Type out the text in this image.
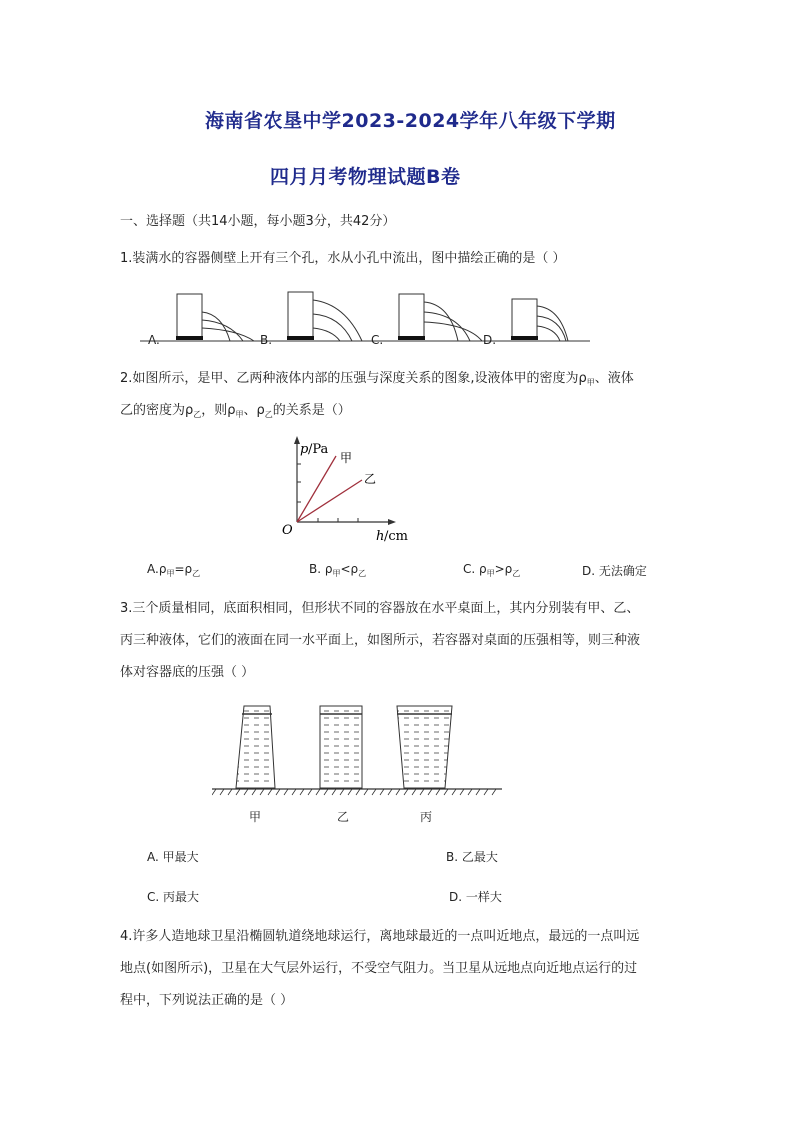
海南省农垦中学2023-2024学年八年级下学期
四月月考物理试题B卷
一、选择题（共14小题，每小题3分，共42分）
1.装满水的容器侧壁上开有三个孔，水从小孔中流出，图中描绘正确的是（ ）
A.	B.	C.	D.
2.如图所示，是甲、乙两种液体内部的压强与深度关系的图象,设液体甲的密度为$\rho_甲$、液体
乙的密度为$\rho_乙$，则$\rho_甲$、$\rho_乙$的关系是（）
p /Pa
甲
乙
O	h /cm
$A.\rho_甲=\rho_乙$	B. $\rho_甲<\rho_乙$	C. $\rho_甲>\rho_乙$	D. 无法确定
3.三个质量相同，底面积相同，但形状不同的容器放在水平桌面上，其内分别装有甲、乙、
丙三种液体，它们的液面在同一水平面上，如图所示，若容器对桌面的压强相等，则三种液
体对容器底的压强（ ）
甲	乙	丙
A. 甲最大	B. 乙最大
C. 丙最大	D. 一样大
4.许多人造地球卫星沿椭圆轨道绕地球运行，离地球最近的一点叫近地点，最远的一点叫远
地点(如图所示)，卫星在大气层外运行，不受空气阻力。当卫星从远地点向近地点运行的过
程中，下列说法正确的是（ ）
